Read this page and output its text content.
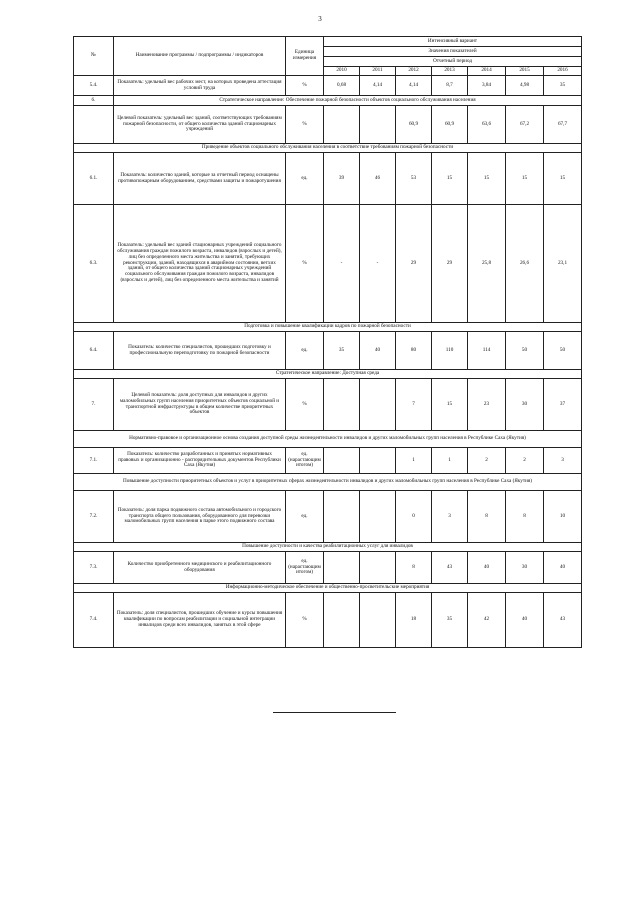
3
№	Наименование программы / подпрограммы / индикаторов	Единица измерения	Интенсивный вариант						
			Значения показателей						
			Отчетный период						
			2010	2011	2012	2013	2014	2015	2016
5.4.	Показатель: удельный вес рабочих мест, на которых проведена аттестация условий труда	%	0,68	4,14	4,14	8,7	3,84	4,98	35
6.	Стратегическое направление: Обеспечение пожарной безопасности объектов социального обслуживания населения								
	Целевой показатель: удельный вес зданий, соответствующих требованиям пожарной безопасности, от общего количества зданий стационарных учреждений	%			60,9	60,9	63,6	67,2	67,7
Приведение объектов социального обслуживания населения в соответствие требованиям пожарной безопасности									
6.1.	Показатель: количество зданий, которые за отчетный период оснащены противопожарным оборудованием, средствами защиты и пожаротушения	ед.	39	46	53	15	15	15	15
6.3.	Показатель: удельный вес зданий стационарных учреждений социального обслуживания граждан пожилого возраста, инвалидов (взрослых и детей), лиц без определенного места жительства и занятий, требующих реконструкции, зданий, находящихся в аварийном состоянии, ветхих зданий, от общего количества зданий стационарных учреждений социального обслуживания граждан пожилого возраста, инвалидов (взрослых и детей), лиц без определенного места жительства и занятий	%	-	-	29	29	25,8	26,6	23,1
Подготовка и повышение квалификации кадров по пожарной безопасности									
6.4.	Показатель: количество специалистов, прошедших подготовку и профессиональную переподготовку по пожарной безопасности	ед.	35	40	80	110	114	50	50
Стратегическое направление: Доступная среда									
7.	Целевой показатель: доля доступных для инвалидов и других маломобильных групп населения приоритетных объектов социальной и транспортной инфраструктуры в общем количестве приоритетных объектов	%			7	15	23	30	37
Нормативно-правовое и организационное основа создания доступной среды жизнедеятельности инвалидов и других маломобильных групп населения в Республике Саха (Якутия)									
7.1.	Показатель: количество разработанных и принятых нормативных правовых и организационно - распорядительных документов Республики Саха (Якутия)	ед. (нарастающим итогом)			1	1	2	2	3
Повышение доступности приоритетных объектов и услуг в приоритетных сферах жизнедеятельности инвалидов и других маломобильных групп населения в Республике Саха (Якутия)									
7.2.	Показатель: доля парка подвижного состава автомобильного и городского транспорта общего пользования, оборудованного для перевозки маломобильных групп населения в парке этого подвижного состава	ед.			0	3	8	8	10
Повышение доступности и качества реабилитационных услуг для инвалидов									
7.3.	Количество приобретенного медицинского и реабилитационного оборудования	ед. (нарастающим итогом)			8	43	40	30	40
Информационно-методическое обеспечение и общественно-просветительские мероприятия									
7.4.	Показатель: доля специалистов, прошедших обучение и курсы повышения квалификации по вопросам реабилитации и социальной интеграции инвалидов среди всех инвалидов, занятых в этой сфере	%			18	35	42	40	43
